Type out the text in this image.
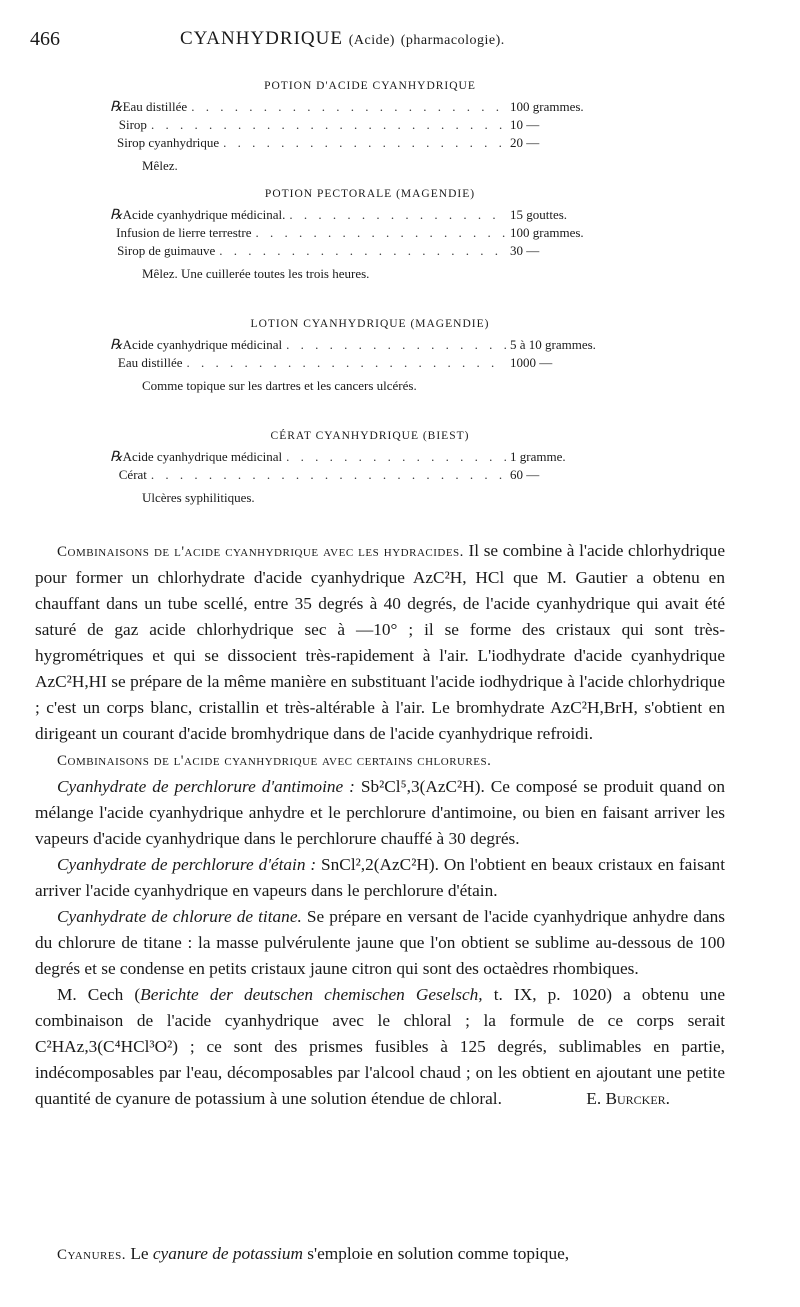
466	CYANHYDRIQUE (Acide) (pharmacologie).
POTION D'ACIDE CYANHYDRIQUE
℞ Eau distillée . . .	100 grammes.
Sirop . . .	10 —
Sirop cyanhydrique . . .	20 —
Mêlez.
POTION PECTORALE (MAGENDIE)
℞ Acide cyanhydrique médicinal. . . .	15 gouttes.
Infusion de lierre terrestre . . .	100 grammes.
Sirop de guimauve . . .	30 —
Mêlez. Une cuillerée toutes les trois heures.
LOTION CYANHYDRIQUE (MAGENDIE)
℞ Acide cyanhydrique médicinal . . .	5 à 10 grammes.
Eau distillée . . .	1000 —
Comme topique sur les dartres et les cancers ulcérés.
CÉRAT CYANHYDRIQUE (BIEST)
℞ Acide cyanhydrique médicinal . . .	1 gramme.
Cérat . . .	60 —
Ulcères syphilitiques.

Combinaisons de l'acide cyanhydrique avec les hydracides. Il se combine à l'acide chlorhydrique pour former un chlorhydrate d'acide cyanhydrique AzC²H, HCl que M. Gautier a obtenu en chauffant dans un tube scellé, entre 35 degrés à 40 degrés, de l'acide cyanhydrique qui avait été saturé de gaz acide chlorhydrique sec à —10° ; il se forme des cristaux qui sont très-hygrométriques et qui se dissocient très-rapidement à l'air. L'iodhydrate d'acide cyanhydrique AzC²H,HI se prépare de la même manière en substituant l'acide iodhydrique à l'acide chlorhydrique ; c'est un corps blanc, cristallin et très-altérable à l'air. Le bromhydrate AzC²H,BrH, s'obtient en dirigeant un courant d'acide bromhydrique dans de l'acide cyanhydrique refroidi.

Combinaisons de l'acide cyanhydrique avec certains chlorures.

Cyanhydrate de perchlorure d'antimoine : Sb²Cl⁵,3(AzC²H). Ce composé se produit quand on mélange l'acide cyanhydrique anhydre et le perchlorure d'antimoine, ou bien en faisant arriver les vapeurs d'acide cyanhydrique dans le perchlorure chauffé à 30 degrés.

Cyanhydrate de perchlorure d'étain : SnCl²,2(AzC²H). On l'obtient en beaux cristaux en faisant arriver l'acide cyanhydrique en vapeurs dans le perchlorure d'étain.

Cyanhydrate de chlorure de titane. Se prépare en versant de l'acide cyanhydrique anhydre dans du chlorure de titane : la masse pulvérulente jaune que l'on obtient se sublime au-dessous de 100 degrés et se condense en petits cristaux jaune citron qui sont des octaèdres rhombiques.

M. Cech (Berichte der deutschen chemischen Geselsch, t. IX, p. 1020) a obtenu une combinaison de l'acide cyanhydrique avec le chloral ; la formule de ce corps serait C²HAz,3(C⁴HCl³O²) ; ce sont des prismes fusibles à 125 degrés, sublimables en partie, indécomposables par l'eau, décomposables par l'alcool chaud ; on les obtient en ajoutant une petite quantité de cyanure de potassium à une solution étendue de chloral.	E. Burcker.

Cyanures. Le cyanure de potassium s'emploie en solution comme topique,
